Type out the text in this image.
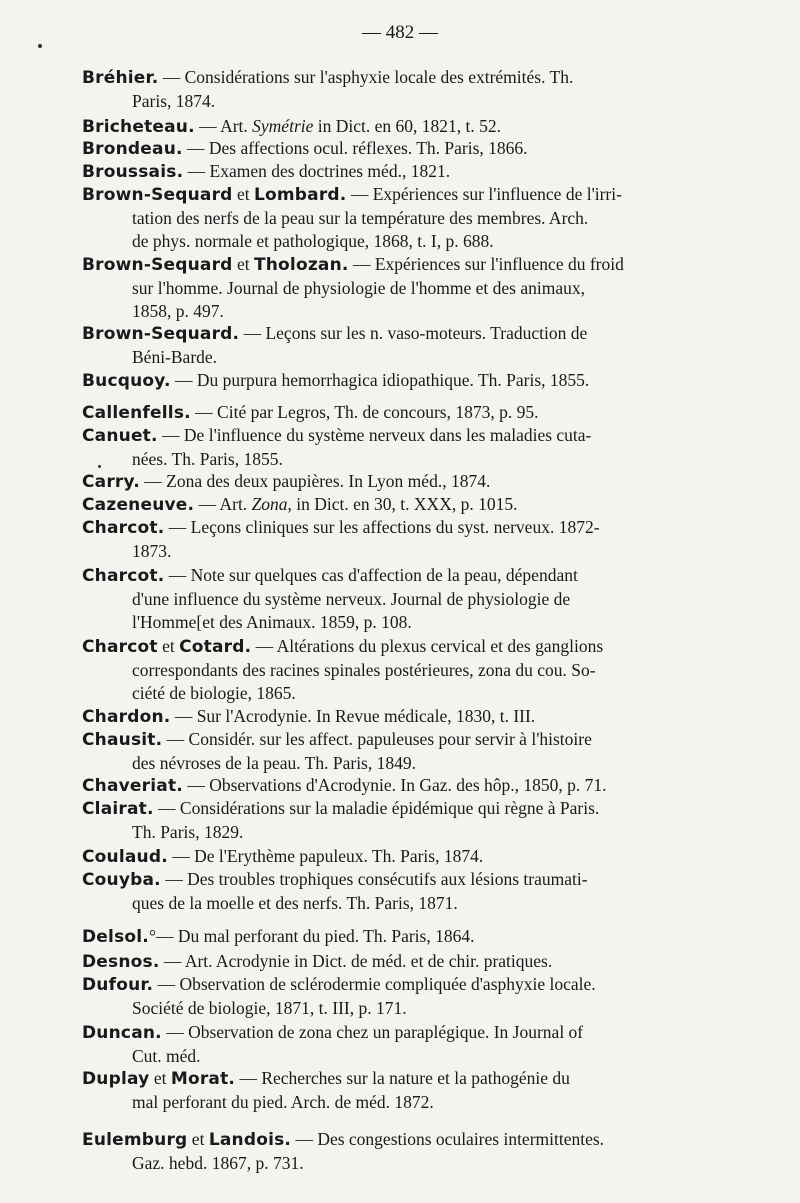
— 482 —
Bréhier. — Considérations sur l'asphyxie locale des extrémités. Th.
Paris, 1874.
Bricheteau. — Art. Symétrie in Dict. en 60, 1821, t. 52.
Brondeau. — Des affections ocul. réflexes. Th. Paris, 1866.
Broussais. — Examen des doctrines méd., 1821.
Brown-Sequard et Lombard. — Expériences sur l'influence de l'irri-
tation des nerfs de la peau sur la température des membres. Arch.
de phys. normale et pathologique, 1868, t. I, p. 688.
Brown-Sequard et Tholozan. — Expériences sur l'influence du froid
sur l'homme. Journal de physiologie de l'homme et des animaux,
1858, p. 497.
Brown-Sequard. — Leçons sur les n. vaso-moteurs. Traduction de
Béni-Barde.
Bucquoy. — Du purpura hemorrhagica idiopathique. Th. Paris, 1855.
Callenfells. — Cité par Legros, Th. de concours, 1873, p. 95.
Canuet. — De l'influence du système nerveux dans les maladies cuta-
nées. Th. Paris, 1855.
Carry. — Zona des deux paupières. In Lyon méd., 1874.
Cazeneuve. — Art. Zona, in Dict. en 30, t. XXX, p. 1015.
Charcot. — Leçons cliniques sur les affections du syst. nerveux. 1872-
1873.
Charcot. — Note sur quelques cas d'affection de la peau, dépendant
d'une influence du système nerveux. Journal de physiologie de
l'Homme[et des Animaux. 1859, p. 108.
Charcot et Cotard. — Altérations du plexus cervical et des ganglions
correspondants des racines spinales postérieures, zona du cou. So-
ciété de biologie, 1865.
Chardon. — Sur l'Acrodynie. In Revue médicale, 1830, t. III.
Chausit. — Considér. sur les affect. papuleuses pour servir à l'histoire
des névroses de la peau. Th. Paris, 1849.
Chaveriat. — Observations d'Acrodynie. In Gaz. des hôp., 1850, p. 71.
Clairat. — Considérations sur la maladie épidémique qui règne à Paris.
Th. Paris, 1829.
Coulaud. — De l'Erythème papuleux. Th. Paris, 1874.
Couyba. — Des troubles trophiques consécutifs aux lésions traumati-
ques de la moelle et des nerfs. Th. Paris, 1871.
Delsol.°— Du mal perforant du pied. Th. Paris, 1864.
Desnos. — Art. Acrodynie in Dict. de méd. et de chir. pratiques.
Dufour. — Observation de sclérodermie compliquée d'asphyxie locale.
Société de biologie, 1871, t. III, p. 171.
Duncan. — Observation de zona chez un paraplégique. In Journal of
Cut. méd.
Duplay et Morat. — Recherches sur la nature et la pathogénie du
mal perforant du pied. Arch. de méd. 1872.
Eulemburg et Landois. — Des congestions oculaires intermittentes.
Gaz. hebd. 1867, p. 731.
